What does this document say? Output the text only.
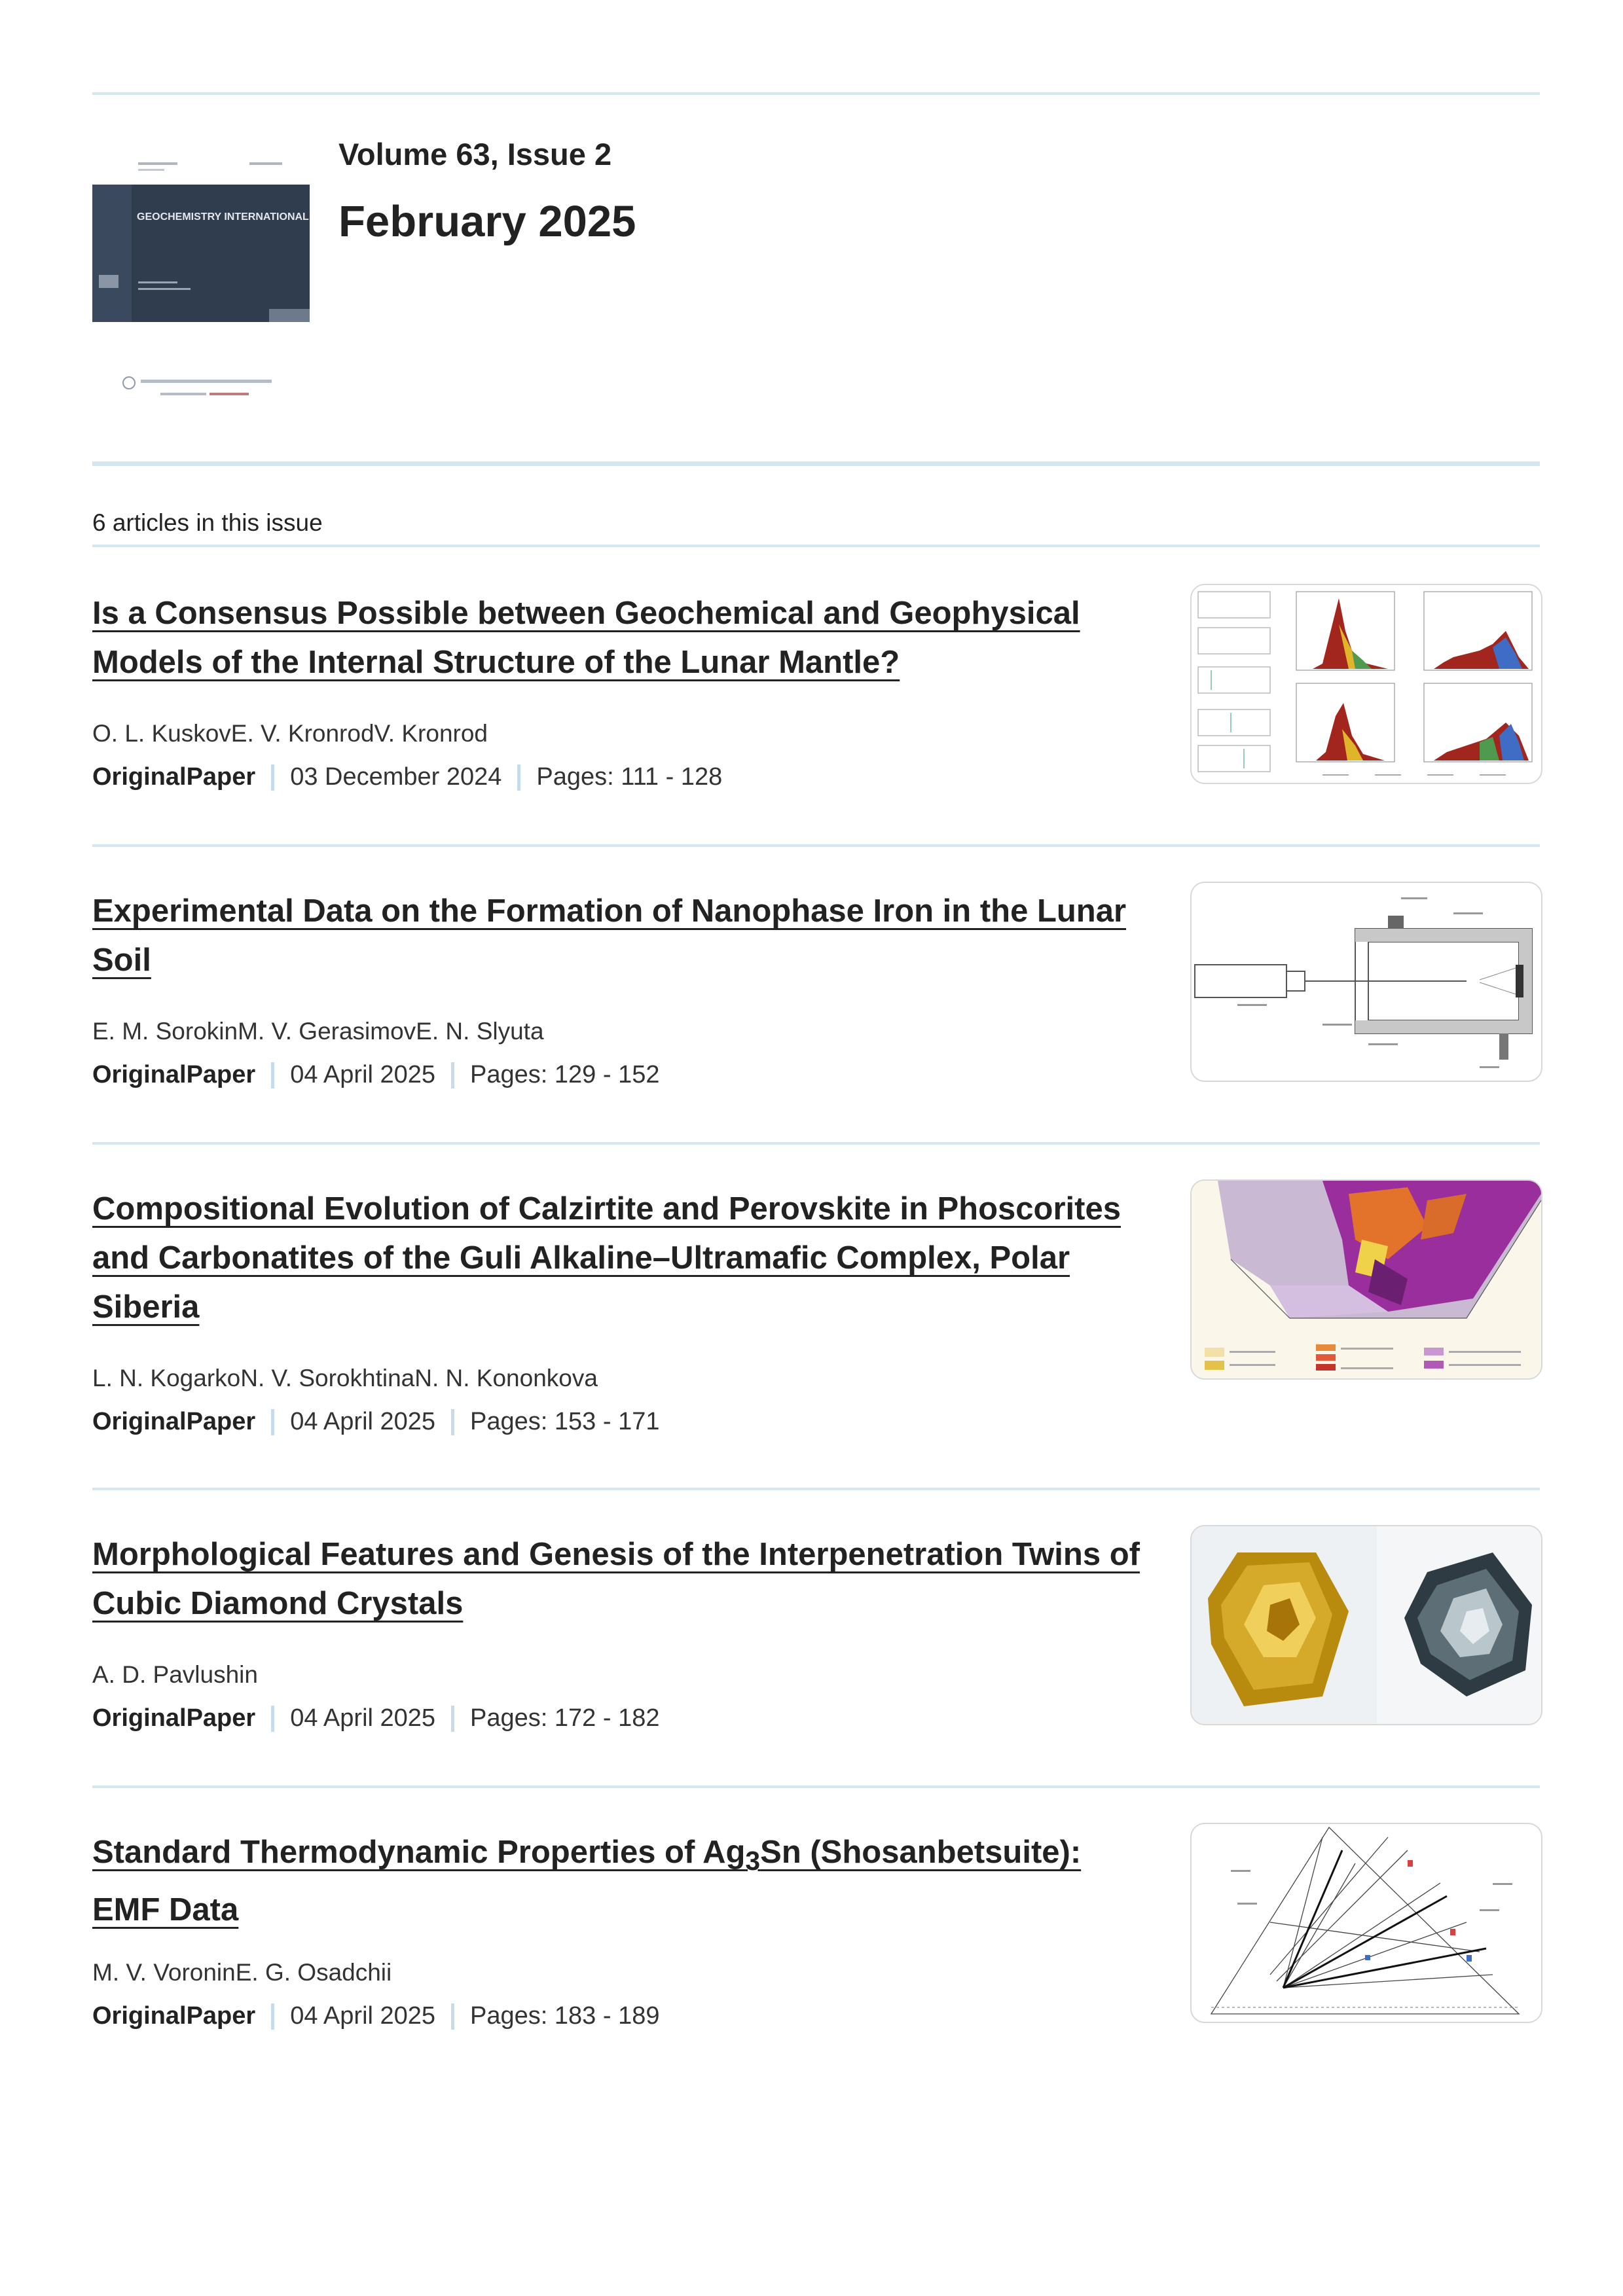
GEOCHEMISTRY INTERNATIONAL
Volume 63, Issue 2
February 2025
6 articles in this issue
Is a Consensus Possible between Geochemical and Geophysical Models of the Internal Structure of the Lunar Mantle?
O. L. KuskovE. V. KronrodV. Kronrod
OriginalPaper 03 December 2024 Pages: 111 - 128
Experimental Data on the Formation of Nanophase Iron in the Lunar Soil
E. M. SorokinM. V. GerasimovE. N. Slyuta
OriginalPaper 04 April 2025 Pages: 129 - 152
Compositional Evolution of Calzirtite and Perovskite in Phoscorites and Carbonatites of the Guli Alkaline–Ultramafic Complex, Polar Siberia
L. N. KogarkoN. V. SorokhtinaN. N. Kononkova
OriginalPaper 04 April 2025 Pages: 153 - 171
Morphological Features and Genesis of the Interpenetration Twins of Cubic Diamond Crystals
A. D. Pavlushin
OriginalPaper 04 April 2025 Pages: 172 - 182
Standard Thermodynamic Properties of $Ag_3Sn$ (Shosanbetsuite): EMF Data
M. V. VoroninE. G. Osadchii
OriginalPaper 04 April 2025 Pages: 183 - 189
